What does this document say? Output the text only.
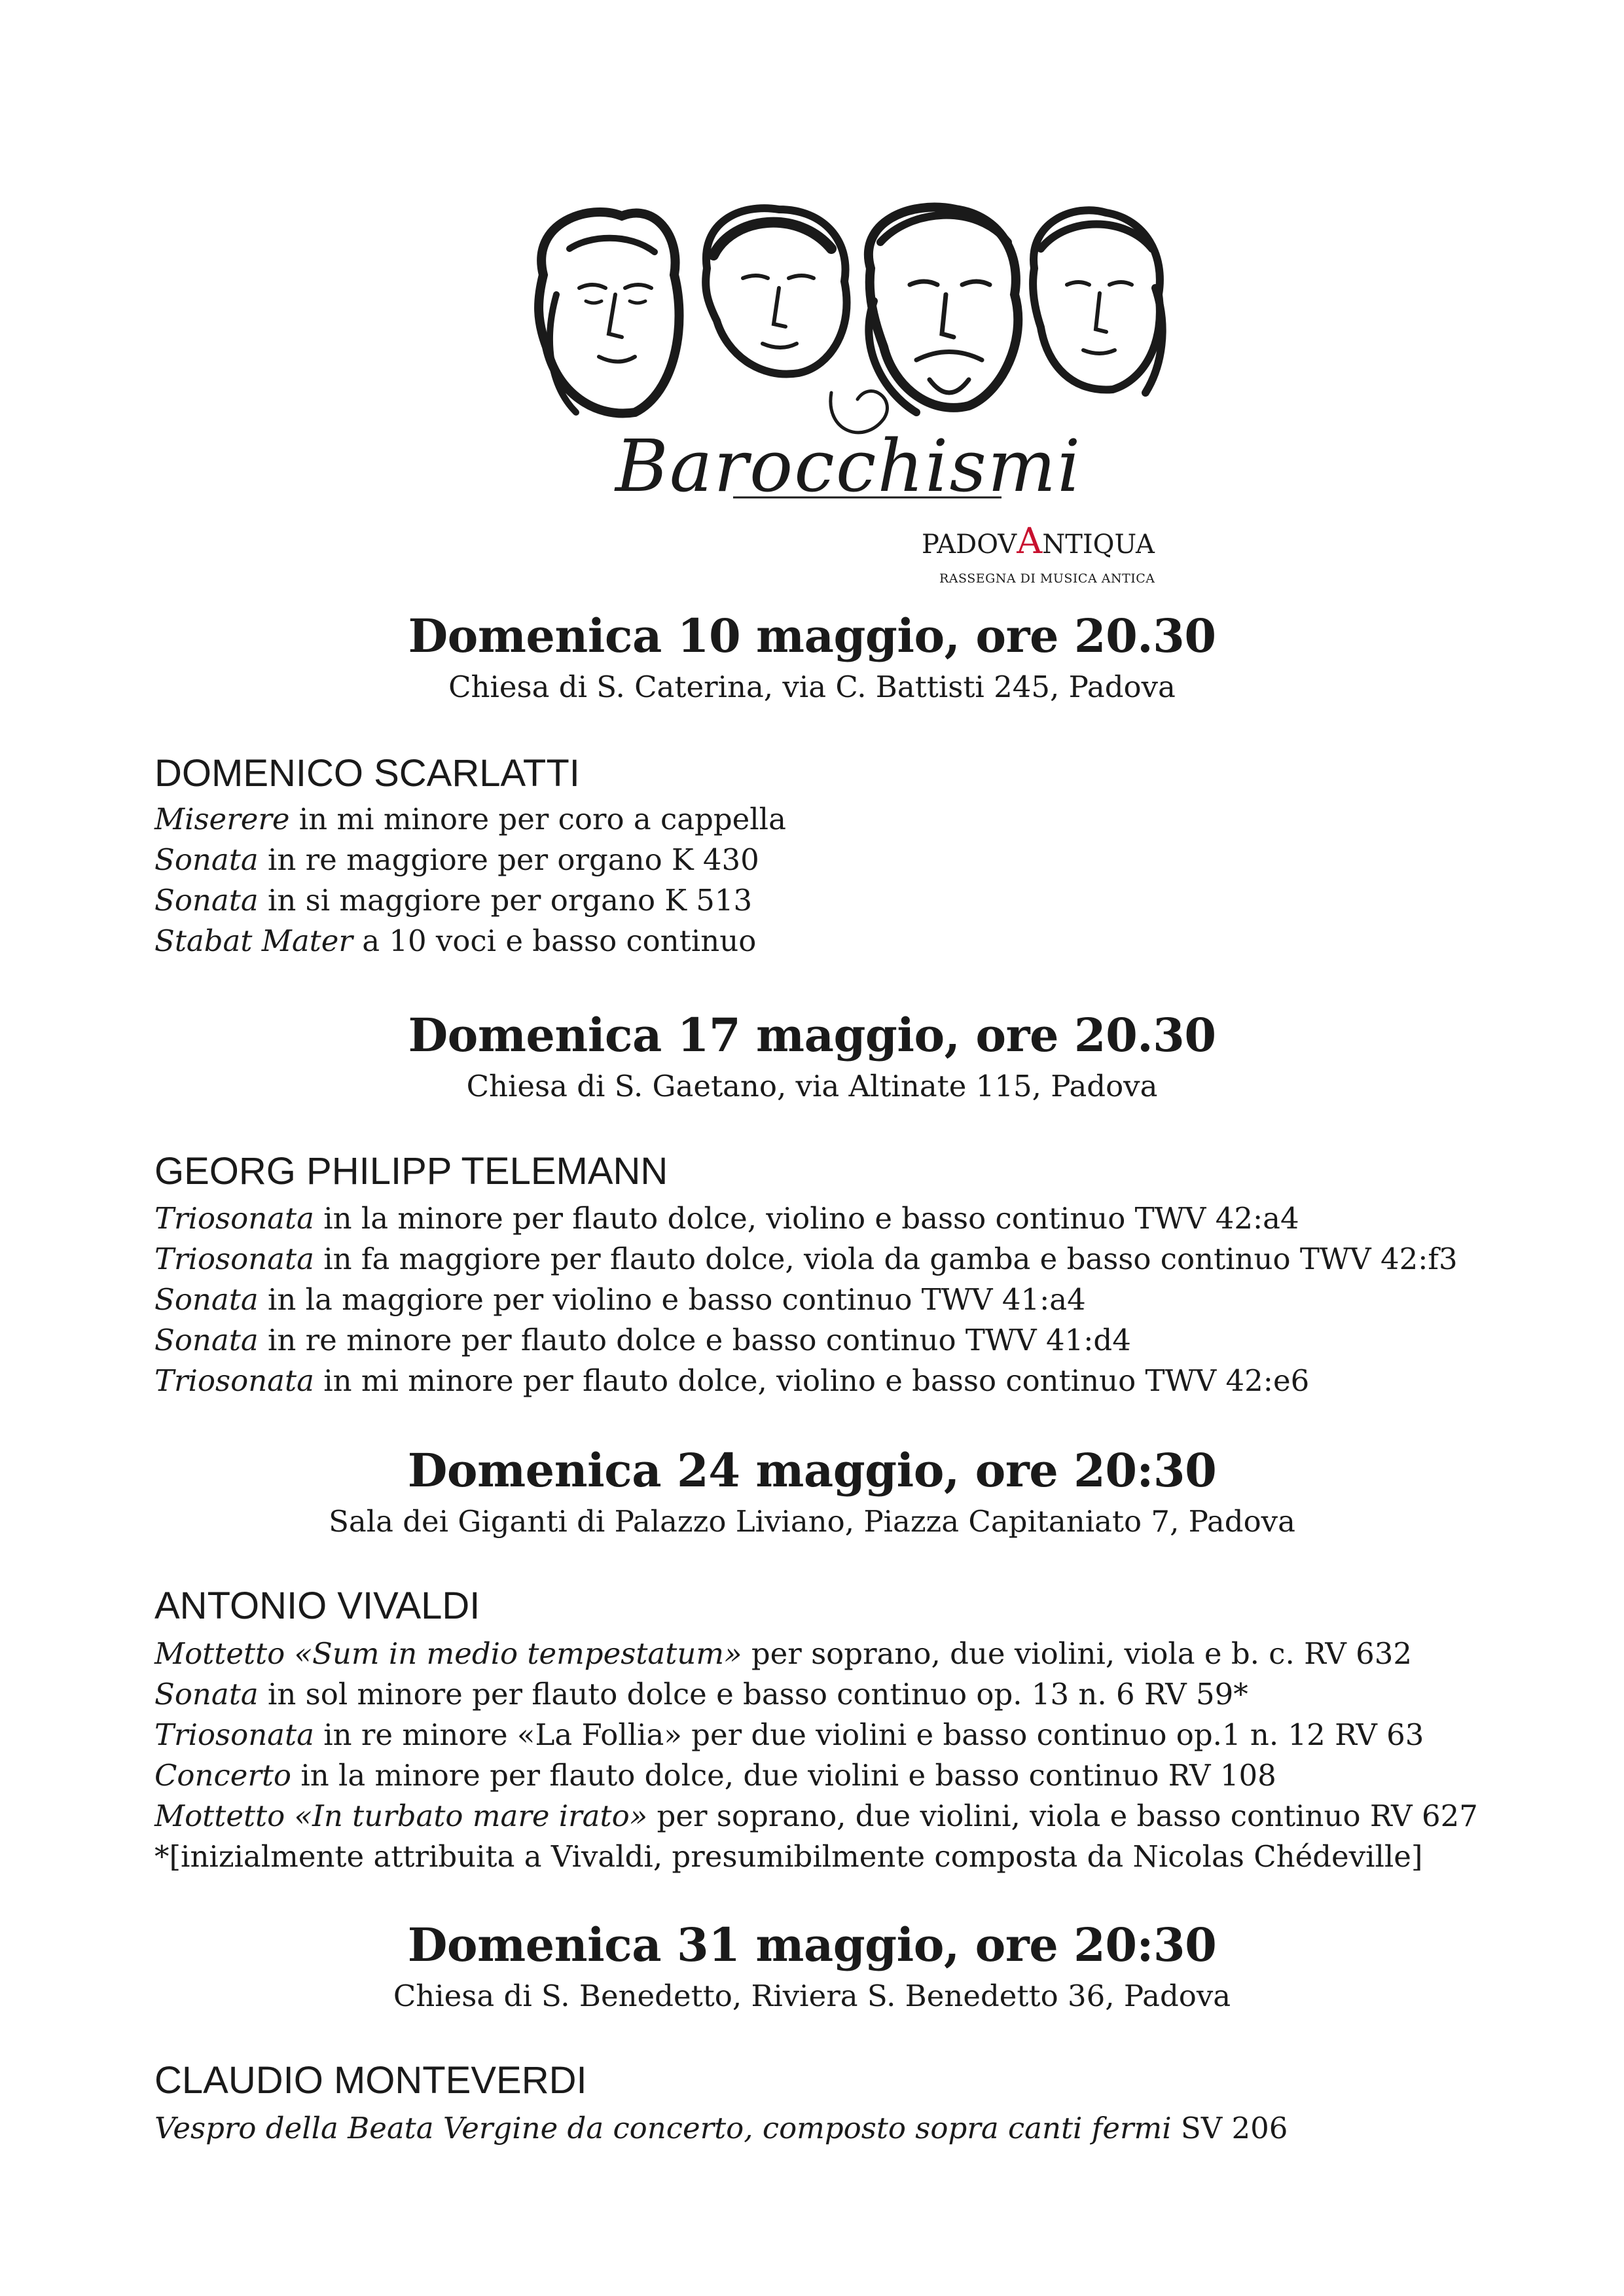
Barocchismi
PADOVANTIQUA
RASSEGNA DI MUSICA ANTICA
Domenica 10 maggio, ore 20.30
Chiesa di S. Caterina, via C. Battisti 245, Padova
DOMENICO SCARLATTI
Miserere in mi minore per coro a cappella
Sonata in re maggiore per organo K 430
Sonata in si maggiore per organo K 513
Stabat Mater a 10 voci e basso continuo
Domenica 17 maggio, ore 20.30
Chiesa di S. Gaetano, via Altinate 115, Padova
GEORG PHILIPP TELEMANN
Triosonata in la minore per flauto dolce, violino e basso continuo TWV 42:a4
Triosonata in fa maggiore per flauto dolce, viola da gamba e basso continuo TWV 42:f3
Sonata in la maggiore per violino e basso continuo TWV 41:a4
Sonata in re minore per flauto dolce e basso continuo TWV 41:d4
Triosonata in mi minore per flauto dolce, violino e basso continuo TWV 42:e6
Domenica 24 maggio, ore 20:30
Sala dei Giganti di Palazzo Liviano, Piazza Capitaniato 7, Padova
ANTONIO VIVALDI
Mottetto «Sum in medio tempestatum» per soprano, due violini, viola e b. c. RV 632
Sonata in sol minore per flauto dolce e basso continuo op. 13 n. 6 RV 59*
Triosonata in re minore «La Follia» per due violini e basso continuo op.1 n. 12 RV 63
Concerto in la minore per flauto dolce, due violini e basso continuo RV 108
Mottetto «In turbato mare irato» per soprano, due violini, viola e basso continuo RV 627
*[inizialmente attribuita a Vivaldi, presumibilmente composta da Nicolas Chédeville]
Domenica 31 maggio, ore 20:30
Chiesa di S. Benedetto, Riviera S. Benedetto 36, Padova
CLAUDIO MONTEVERDI
Vespro della Beata Vergine da concerto, composto sopra canti fermi SV 206
